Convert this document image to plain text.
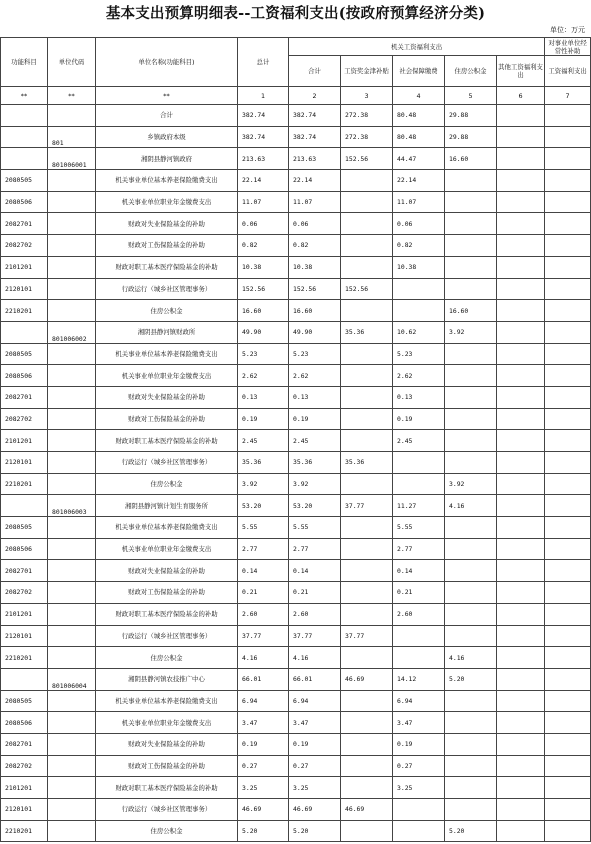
基本支出预算明细表--工资福利支出(按政府预算经济分类)
单位：万元
功能科目	单位代码	单位名称(功能科目)	总计	机关工资福利支出					对事业单位经常性补助
				合计	工资奖金津补贴	社会保障缴费	住房公积金	其他工资福利支出	工资福利支出
**	**	**	1	2	3	4	5	6	7
		合计	382.74	382.74	272.38	80.48	29.88		
	801	乡镇政府本级	382.74	382.74	272.38	80.48	29.88		
	801006001	湘阴县静河镇政府	213.63	213.63	152.56	44.47	16.60		
2080505		机关事业单位基本养老保险缴费支出	22.14	22.14		22.14			
2080506		机关事业单位职业年金缴费支出	11.07	11.07		11.07			
2082701		财政对失业保险基金的补助	0.06	0.06		0.06			
2082702		财政对工伤保险基金的补助	0.82	0.82		0.82			
2101201		财政对职工基本医疗保险基金的补助	10.38	10.38		10.38			
2120101		行政运行（城乡社区管理事务）	152.56	152.56	152.56				
2210201		住房公积金	16.60	16.60			16.60		
	801006002	湘阴县静河镇财政所	49.90	49.90	35.36	10.62	3.92		
2080505		机关事业单位基本养老保险缴费支出	5.23	5.23		5.23			
2080506		机关事业单位职业年金缴费支出	2.62	2.62		2.62			
2082701		财政对失业保险基金的补助	0.13	0.13		0.13			
2082702		财政对工伤保险基金的补助	0.19	0.19		0.19			
2101201		财政对职工基本医疗保险基金的补助	2.45	2.45		2.45			
2120101		行政运行（城乡社区管理事务）	35.36	35.36	35.36				
2210201		住房公积金	3.92	3.92			3.92		
	801006003	湘阴县静河镇计划生育服务所	53.20	53.20	37.77	11.27	4.16		
2080505		机关事业单位基本养老保险缴费支出	5.55	5.55		5.55			
2080506		机关事业单位职业年金缴费支出	2.77	2.77		2.77			
2082701		财政对失业保险基金的补助	0.14	0.14		0.14			
2082702		财政对工伤保险基金的补助	0.21	0.21		0.21			
2101201		财政对职工基本医疗保险基金的补助	2.60	2.60		2.60			
2120101		行政运行（城乡社区管理事务）	37.77	37.77	37.77				
2210201		住房公积金	4.16	4.16			4.16		
	801006004	湘阴县静河镇农技推广中心	66.01	66.01	46.69	14.12	5.20		
2080505		机关事业单位基本养老保险缴费支出	6.94	6.94		6.94			
2080506		机关事业单位职业年金缴费支出	3.47	3.47		3.47			
2082701		财政对失业保险基金的补助	0.19	0.19		0.19			
2082702		财政对工伤保险基金的补助	0.27	0.27		0.27			
2101201		财政对职工基本医疗保险基金的补助	3.25	3.25		3.25			
2120101		行政运行（城乡社区管理事务）	46.69	46.69	46.69				
2210201		住房公积金	5.20	5.20			5.20		
